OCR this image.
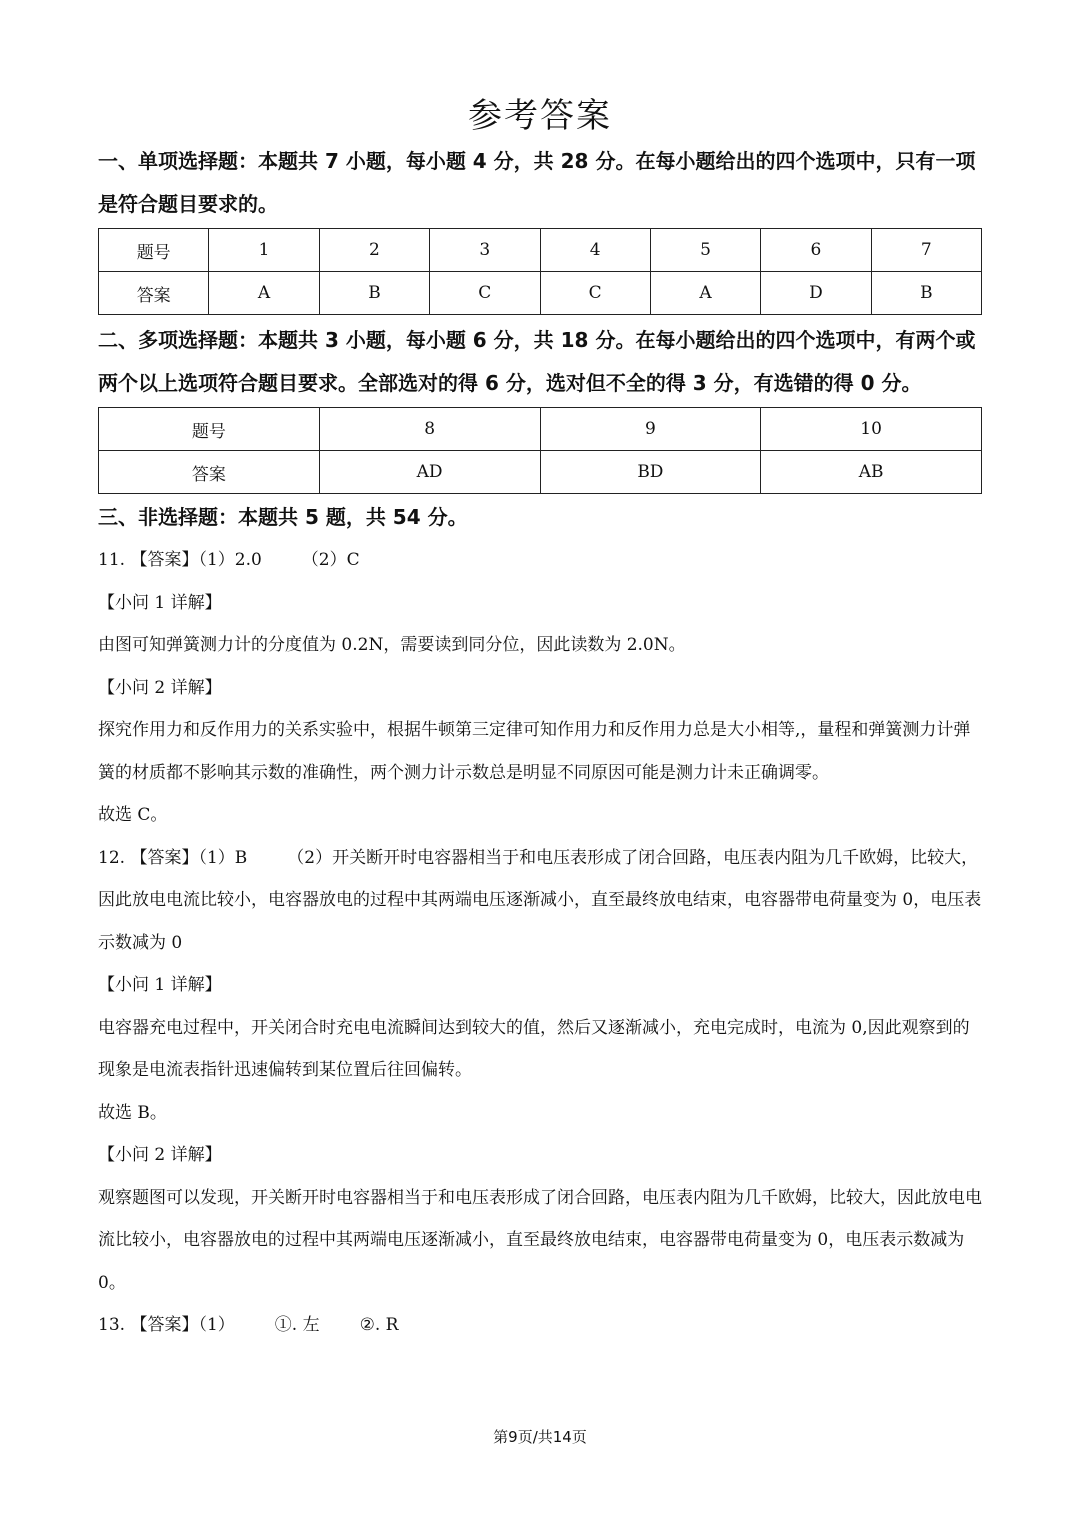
参考答案
一、单项选择题：本题共 7 小题，每小题 4 分，共 28 分。在每小题给出的四个选项中，只有一项是符合题目要求的。
题号	1	2	3	4	5	6	7
答案	A	B	C	C	A	D	B
二、多项选择题：本题共 3 小题，每小题 6 分，共 18 分。在每小题给出的四个选项中，有两个或两个以上选项符合题目要求。全部选对的得 6 分，选对但不全的得 3 分，有选错的得 0 分。
题号	8	9	10
答案	AD	BD	AB
三、非选择题：本题共 5 题，共 54 分。
11. 【答案】（1）2.0 （2）C
【小问 1 详解】
由图可知弹簧测力计的分度值为 0.2N，需要读到同分位，因此读数为 2.0N。
【小问 2 详解】
探究作用力和反作用力的关系实验中，根据牛顿第三定律可知作用力和反作用力总是大小相等,，量程和弹簧测力计弹簧的材质都不影响其示数的准确性，两个测力计示数总是明显不同原因可能是测力计未正确调零。
故选 C。
12. 【答案】（1）B （2）开关断开时电容器相当于和电压表形成了闭合回路，电压表内阻为几千欧姆，比较大，因此放电电流比较小，电容器放电的过程中其两端电压逐渐减小，直至最终放电结束，电容器带电荷量变为 0，电压表示数减为 0
【小问 1 详解】
电容器充电过程中，开关闭合时充电电流瞬间达到较大的值，然后又逐渐减小，充电完成时，电流为 0,因此观察到的现象是电流表指针迅速偏转到某位置后往回偏转。
故选 B。
【小问 2 详解】
观察题图可以发现，开关断开时电容器相当于和电压表形成了闭合回路，电压表内阻为几千欧姆，比较大，因此放电电流比较小，电容器放电的过程中其两端电压逐渐减小，直至最终放电结束，电容器带电荷量变为 0，电压表示数减为 0。
13. 【答案】（1） ①. 左 ②. R
第9页/共14页
